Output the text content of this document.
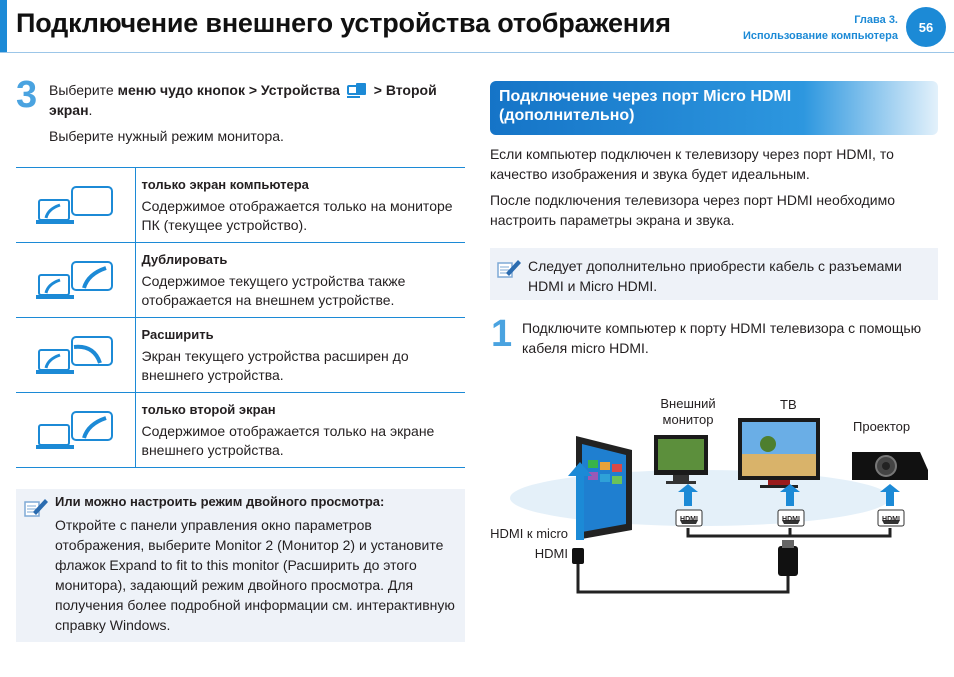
Подключение внешнего устройства отображения	Глава 3.
Использование компьютера
56
3 Выберите меню чудо кнопок > Устройства  > Второй экран.
Выберите нужный режим монитора.

только экран компьютера
Содержимое отображается только на мониторе ПК (текущее устройство).

Дублировать
Содержимое текущего устройства также отображается на внешнем устройстве.

Расширить
Экран текущего устройства расширен до внешнего устройства.

только второй экран
Содержимое отображается только на экране внешнего устройства.
Или можно настроить режим двойного просмотра:
Откройте с панели управления окно параметров отображения, выберите Monitor 2 (Монитор 2) и установите флажок Expand to fit to this monitor (Расширить до этого монитора), задающий режим двойного просмотра. Для получения более подробной информации см. интерактивную справку Windows.
Подключение через порт Micro HDMI (дополнительно)
Если компьютер подключен к телевизору через порт HDMI, то качество изображения и звука будет идеальным.
После подключения телевизора через порт HDMI необходимо настроить параметры экрана и звука.
Следует дополнительно приобрести кабель с разъемами HDMI и Micro HDMI.
1 Подключите компьютер к порту HDMI телевизора с помощью кабеля micro HDMI.
Внешний монитор
ТВ
Проектор
HDMI к micro HDMI
HDMI	HDMI	HDMI
